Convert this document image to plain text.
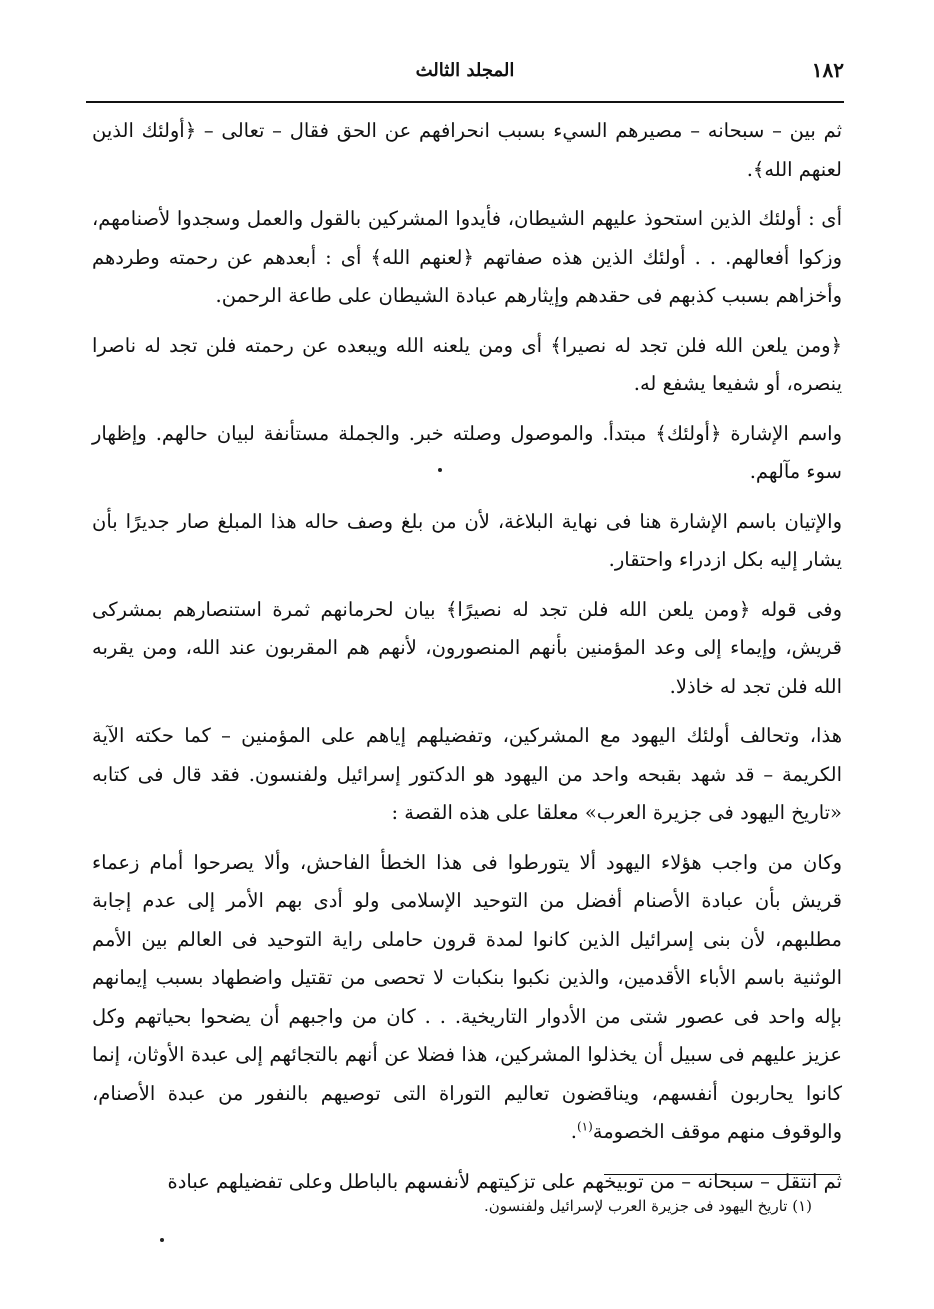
١٨٢
المجلد الثالث

ثم بين – سبحانه – مصيرهم السيء بسبب انحرافهم عن الحق فقال – تعالى – ﴿أولئك الذين لعنهم الله﴾.

أى : أولئك الذين استحوذ عليهم الشيطان، فأيدوا المشركين بالقول والعمل وسجدوا لأصنامهم، وزكوا أفعالهم. . . أولئك الذين هذه صفاتهم ﴿لعنهم الله﴾ أى : أبعدهم عن رحمته وطردهم وأخزاهم بسبب كذبهم فى حقدهم وإيثارهم عبادة الشيطان على طاعة الرحمن.

﴿ومن يلعن الله فلن تجد له نصيرا﴾ أى ومن يلعنه الله ويبعده عن رحمته فلن تجد له ناصرا ينصره، أو شفيعا يشفع له.

واسم الإشارة ﴿أولئك﴾ مبتدأ. والموصول وصلته خبر. والجملة مستأنفة لبيان حالهم. وإظهار سوء مآلهم.

والإتيان باسم الإشارة هنا فى نهاية البلاغة، لأن من بلغ وصف حاله هذا المبلغ صار جديرًا بأن يشار إليه بكل ازدراء واحتقار.

وفى قوله ﴿ومن يلعن الله فلن تجد له نصيرًا﴾ بيان لحرمانهم ثمرة استنصارهم بمشركى قريش، وإيماء إلى وعد المؤمنين بأنهم المنصورون، لأنهم هم المقربون عند الله، ومن يقربه الله فلن تجد له خاذلا.

هذا، وتحالف أولئك اليهود مع المشركين، وتفضيلهم إياهم على المؤمنين – كما حكته الآية الكريمة – قد شهد بقبحه واحد من اليهود هو الدكتور إسرائيل ولفنسون. فقد قال فى كتابه «تاريخ اليهود فى جزيرة العرب» معلقا على هذه القصة :

وكان من واجب هؤلاء اليهود ألا يتورطوا فى هذا الخطأ الفاحش، وألا يصرحوا أمام زعماء قريش بأن عبادة الأصنام أفضل من التوحيد الإسلامى ولو أدى بهم الأمر إلى عدم إجابة مطلبهم، لأن بنى إسرائيل الذين كانوا لمدة قرون حاملى راية التوحيد فى العالم بين الأمم الوثنية باسم الأباء الأقدمين، والذين نكبوا بنكبات لا تحصى من تقتيل واضطهاد بسبب إيمانهم بإله واحد فى عصور شتى من الأدوار التاريخية. . . كان من واجبهم أن يضحوا بحياتهم وكل عزيز عليهم فى سبيل أن يخذلوا المشركين، هذا فضلا عن أنهم بالتجائهم إلى عبدة الأوثان، إنما كانوا يحاربون أنفسهم، ويناقضون تعاليم التوراة التى توصيهم بالنفور من عبدة الأصنام، والوقوف منهم موقف الخصومة$^{(١)}$.

ثم انتقل – سبحانه – من توبيخهم على تزكيتهم لأنفسهم بالباطل وعلى تفضيلهم عبادة

(١) تاريخ اليهود فى جزيرة العرب لإسرائيل ولفنسون.
